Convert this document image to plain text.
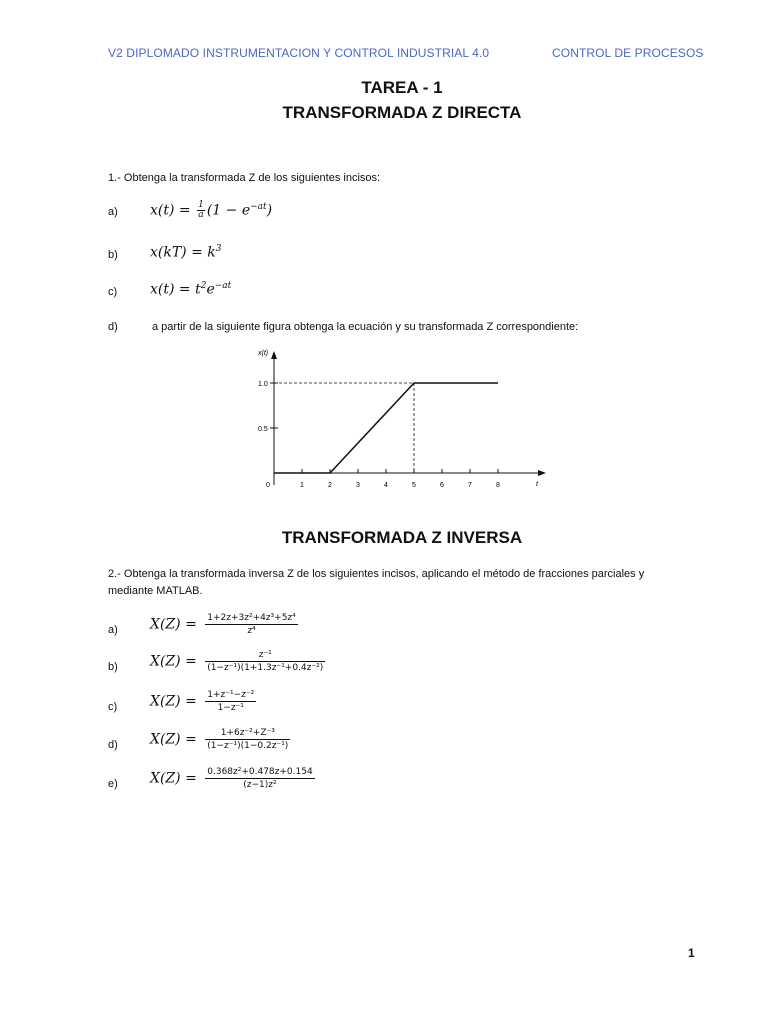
V2 DIPLOMADO INSTRUMENTACION Y CONTROL INDUSTRIAL 4.0	CONTROL DE PROCESOS
TAREA - 1
TRANSFORMADA Z DIRECTA
1.- Obtenga la transformada Z de los siguientes incisos:
a) $x(t) = \frac{1}{a} (1 - e^{-at})$
b) $x(kT) = k^3$
c) $x(t) = t^2e^{-at}$
d)	a partir de la siguiente figura obtenga la ecuación y su transformada Z correspondiente:
x(t)
t
0	1	2	3	4	5	6	7	8
0.5
1.0
TRANSFORMADA Z INVERSA
2.- Obtenga la transformada inversa Z de los siguientes incisos, aplicando el método de fracciones parciales y mediante MATLAB.
a) $X(Z) = \frac{\text{1+2z+3z²+4z³+5z⁴}}{\text{z⁴}}$
b) $X(Z) = \frac{\text{z⁻¹}}{\text{(1−z⁻¹)(1+1.3z⁻¹+0.4z⁻²)}}$
c) $X(Z) = \frac{\text{1+z⁻¹−z⁻²}}{\text{1−z⁻¹}}$
d) $X(Z) = \frac{\text{1+6z⁻²+Z⁻³}}{\text{(1−z⁻¹)(1−0.2z⁻¹)}}$
e) $X(Z) = \frac{\text{0.368z²+0.478z+0.154}}{\text{(z−1)z²}}$
1
